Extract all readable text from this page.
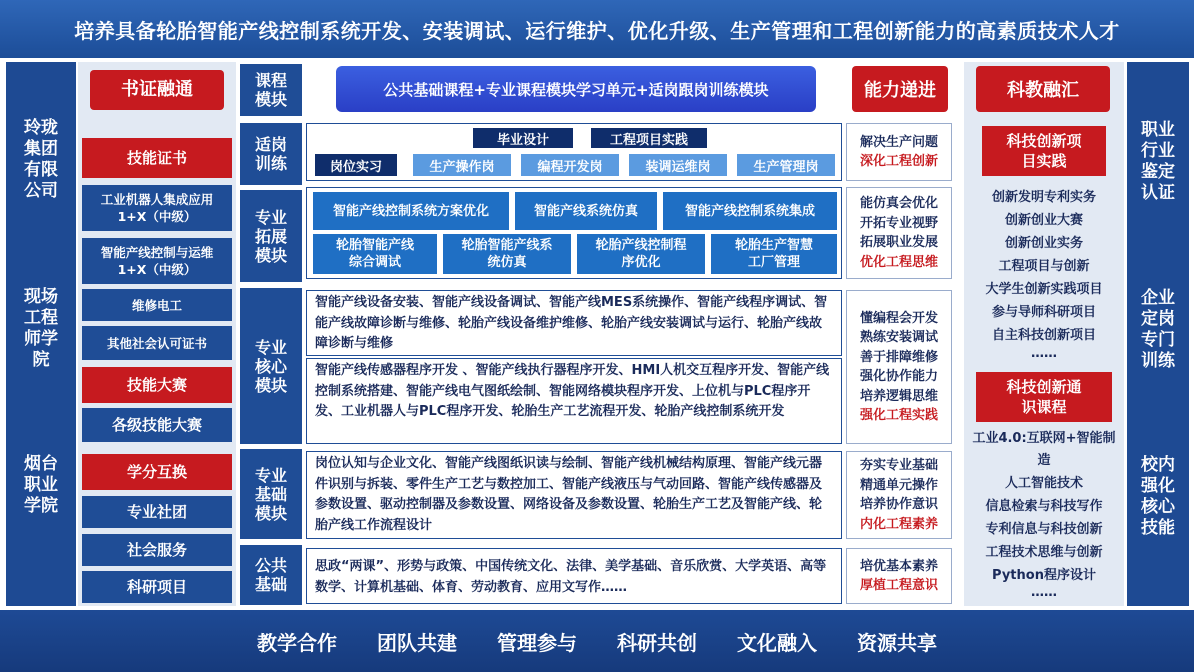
培养具备轮胎智能产线控制系统开发、安装调试、运行维护、优化升级、生产管理和工程创新能力的高素质技术人才
玲珑集团有限公司
现场工程师学院
烟台职业学院
职业行业鉴定认证
企业定岗专门训练
校内强化核心技能
书证融通
技能证书
工业机器人集成应用1+X（中级）
智能产线控制与运维1+X（中级）
维修电工
其他社会认可证书
技能大赛
各级技能大赛
学分互换
专业社团
社会服务
科研项目
课程模块
公共基础课程+专业课程模块学习单元+适岗跟岗训练模块	能力递进
适岗训练
专业拓展模块
专业核心模块
专业基础模块
公共基础
毕业设计	工程项目实践
岗位实习	生产操作岗	编程开发岗	装调运维岗	生产管理岗
智能产线控制系统方案优化	智能产线系统仿真	智能产线控制系统集成
轮胎智能产线综合调试
轮胎智能产线系统仿真
轮胎产线控制程序优化
轮胎生产智慧工厂管理
智能产线设备安装、智能产线设备调试、智能产线MES系统操作、智能产线程序调试、智能产线故障诊断与维修、轮胎产线设备维护维修、轮胎产线安装调试与运行、轮胎产线故障诊断与维修
智能产线传感器程序开发 、智能产线执行器程序开发、HMI人机交互程序开发、智能产线控制系统搭建、智能产线电气图纸绘制、智能网络模块程序开发、上位机与PLC程序开发、工业机器人与PLC程序开发、轮胎生产工艺流程开发、轮胎产线控制系统开发
岗位认知与企业文化、智能产线图纸识读与绘制、智能产线机械结构原理、智能产线元器件识别与拆装、零件生产工艺与数控加工、智能产线液压与气动回路、智能产线传感器及参数设置、驱动控制器及参数设置、网络设备及参数设置、轮胎生产工艺及智能产线、轮胎产线工作流程设计
思政“两课”、形势与政策、中国传统文化、法律、美学基础、音乐欣赏、大学英语、高等数学、计算机基础、体育、劳动教育、应用文写作……
解决生产问题
深化工程创新
能仿真会优化
开拓专业视野
拓展职业发展
优化工程思维
懂编程会开发
熟练安装调试
善于排障维修
强化协作能力
培养逻辑思维
强化工程实践
夯实专业基础
精通单元操作
培养协作意识
内化工程素养
培优基本素养
厚植工程意识
科教融汇
科技创新项目实践
创新发明专利实务
创新创业大赛
创新创业实务
工程项目与创新
大学生创新实践项目
参与导师科研项目
自主科技创新项目
……
科技创新通识课程
工业4.0:互联网+智能制造
人工智能技术
信息检索与科技写作
专利信息与科技创新
工程技术思维与创新
Python程序设计
……
教学合作 团队共建 管理参与 科研共创 文化融入 资源共享
